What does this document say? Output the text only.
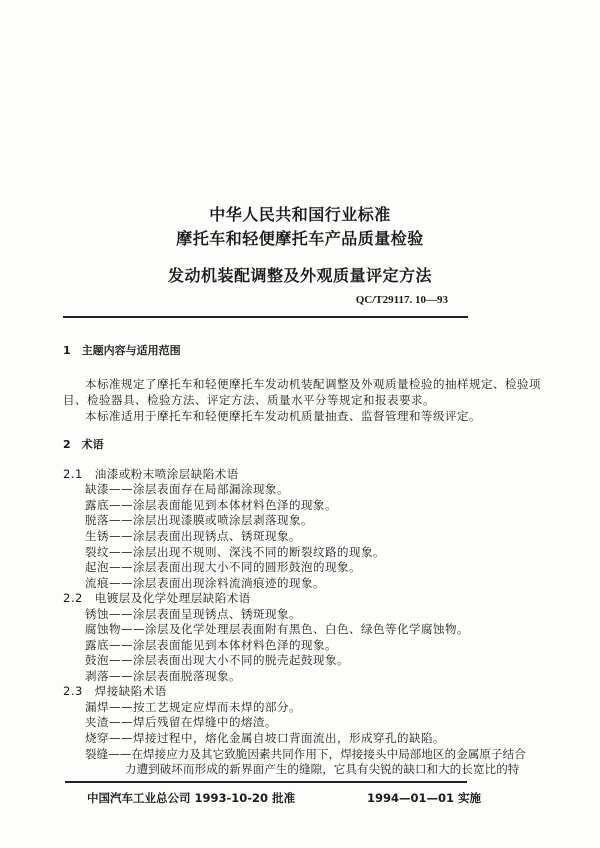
中华人民共和国行业标准
摩托车和轻便摩托车产品质量检验
发动机装配调整及外观质量评定方法
QC/T29117. 10—93
1　主题内容与适用范围
本标准规定了摩托车和轻便摩托车发动机装配调整及外观质量检验的抽样规定、检验项
目、检验器具、检验方法、评定方法、质量水平分等规定和报表要求。
本标准适用于摩托车和轻便摩托车发动机质量抽查、监督管理和等级评定。
2　术语
2.1　油漆或粉末喷涂层缺陷术语
缺漆——涂层表面存在局部漏涂现象。
露底——涂层表面能见到本体材料色泽的现象。
脱落——涂层出现漆膜或喷涂层剥落现象。
生锈——涂层表面出现锈点、锈斑现象。
裂纹——涂层出现不规则、深浅不同的断裂纹路的现象。
起泡——涂层表面出现大小不同的圆形鼓泡的现象。
流痕——涂层表面出现涂料流淌痕迹的现象。
2.2　电镀层及化学处理层缺陷术语
锈蚀——涂层表面呈现锈点、锈斑现象。
腐蚀物——涂层及化学处理层表面附有黑色、白色、绿色等化学腐蚀物。
露底——涂层表面能见到本体材料色泽的现象。
鼓泡——涂层表面出现大小不同的脱壳起鼓现象。
剥落——涂层表面脱落现象。
2.3　焊接缺陷术语
漏焊——按工艺规定应焊而未焊的部分。
夹渣——焊后残留在焊缝中的熔渣。
烧穿——焊接过程中，熔化金属自坡口背面流出，形成穿孔的缺陷。
裂缝——在焊接应力及其它致脆因素共同作用下，焊接接头中局部地区的金属原子结合
力遭到破坏而形成的新界面产生的缝隙，它具有尖锐的缺口和大的长宽比的特
中国汽车工业总公司 1993-10-20 批准	1994—01—01 实施
